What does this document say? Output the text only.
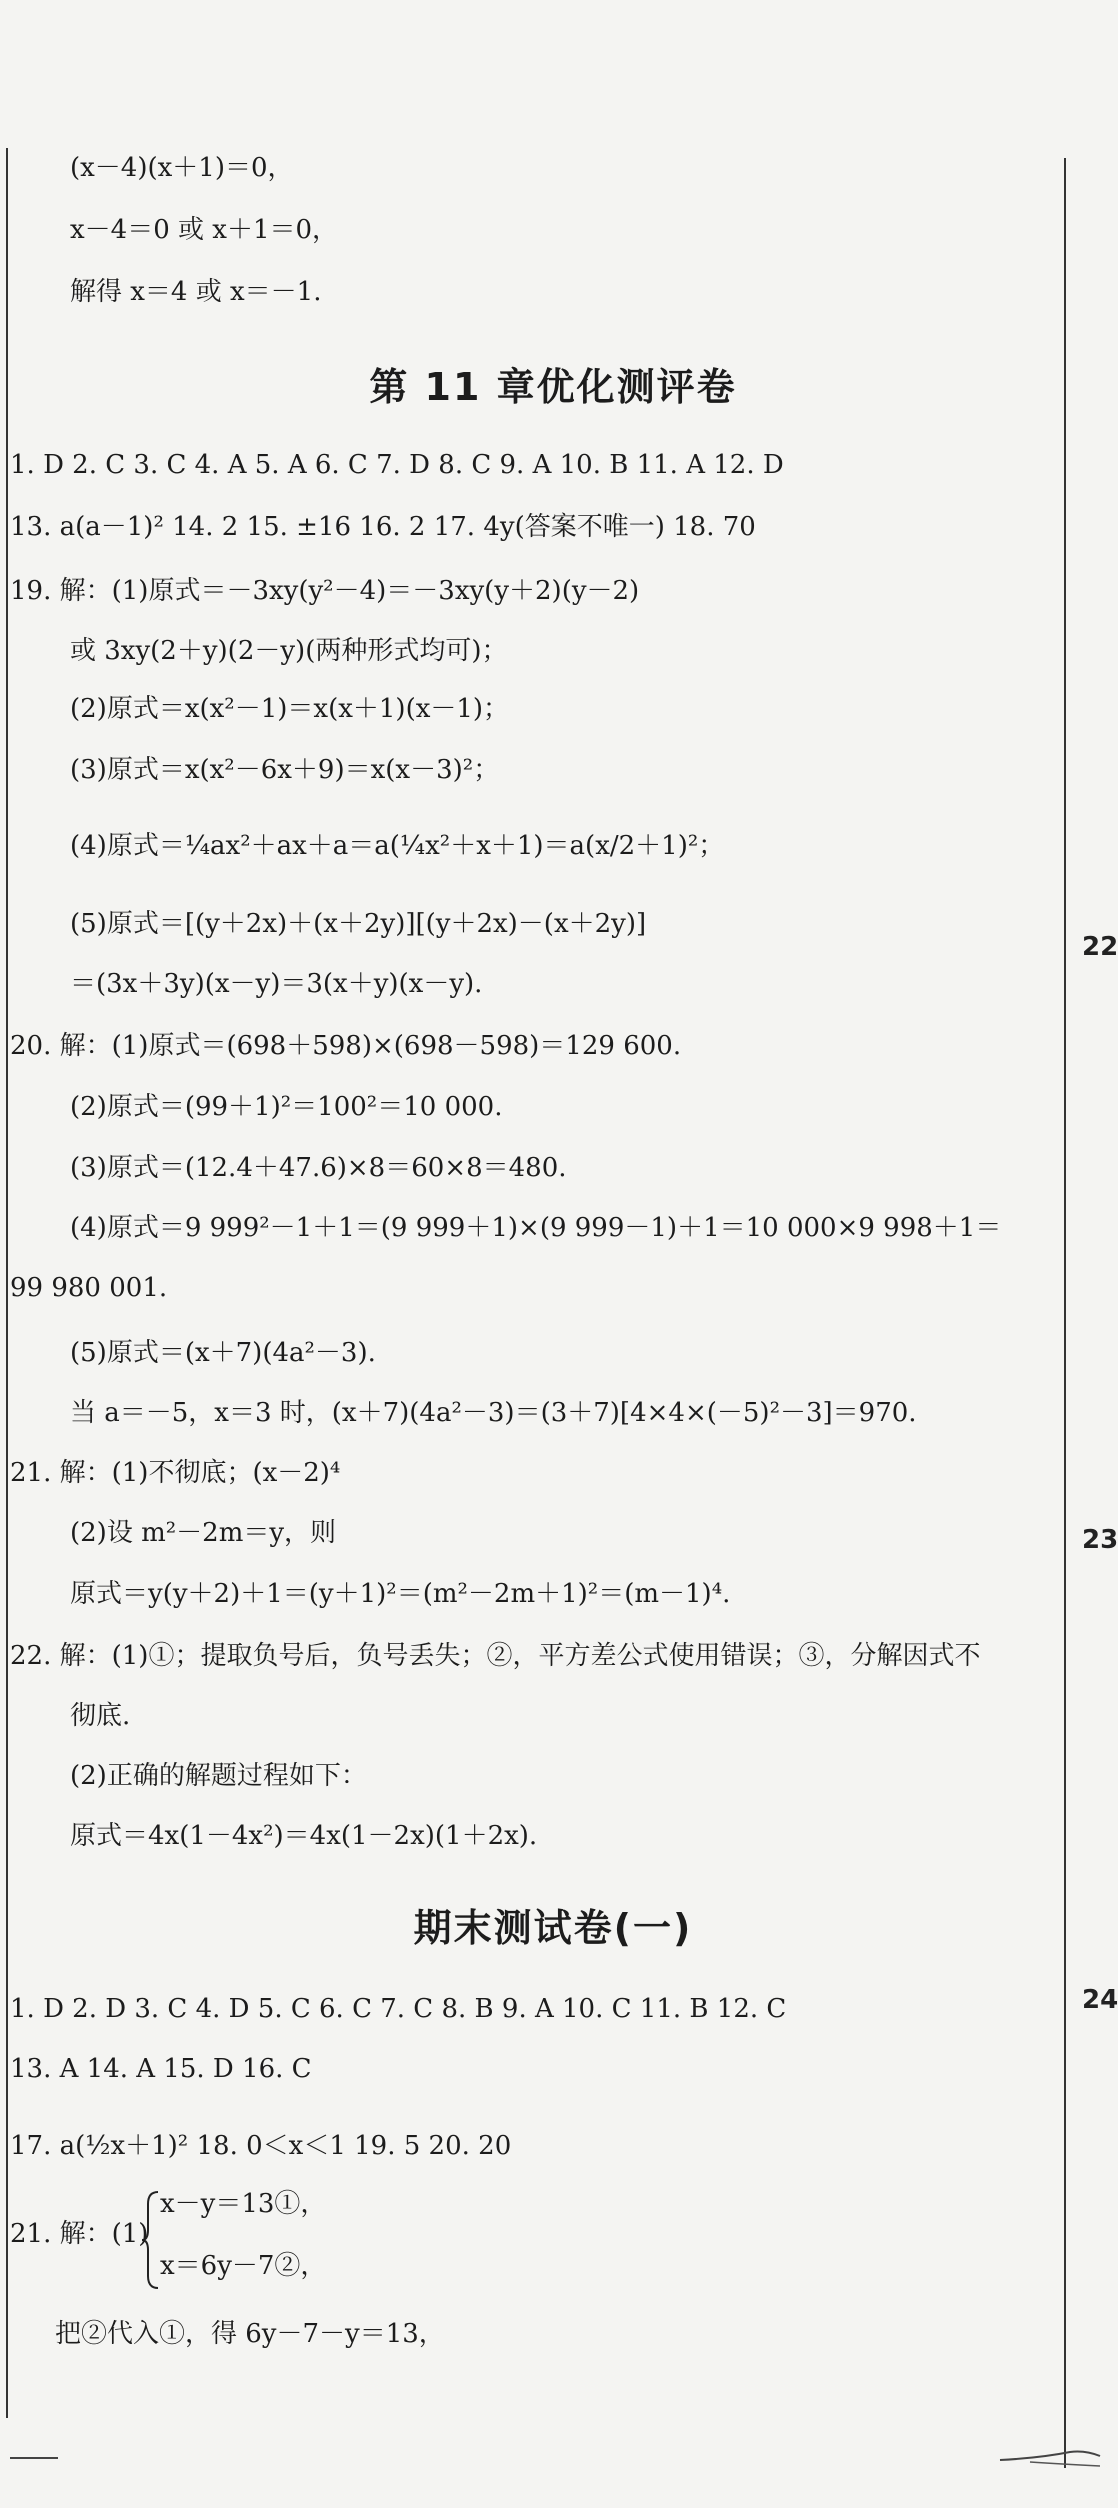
22
23
24
第 11 章优化测评卷
期末测试卷(一)
(x－4)(x＋1)＝0，
x－4＝0 或 x＋1＝0，
解得 x＝4 或 x＝－1.
1. D 2. C 3. C 4. A 5. A 6. C 7. D 8. C 9. A 10. B 11. A 12. D
13. a(a－1)² 14. 2 15. ±16 16. 2 17. 4y(答案不唯一) 18. 70
19. 解：(1)原式＝－3xy(y²－4)＝－3xy(y＋2)(y－2)
或 3xy(2＋y)(2－y)(两种形式均可)；
(2)原式＝x(x²－1)＝x(x＋1)(x－1)；
(3)原式＝x(x²－6x＋9)＝x(x－3)²；
(4)原式＝¼ax²＋ax＋a＝a(¼x²＋x＋1)＝a(x/2＋1)²；
(5)原式＝[(y＋2x)＋(x＋2y)][(y＋2x)－(x＋2y)]
＝(3x＋3y)(x－y)＝3(x＋y)(x－y).
20. 解：(1)原式＝(698＋598)×(698－598)＝129 600.
(2)原式＝(99＋1)²＝100²＝10 000.
(3)原式＝(12.4＋47.6)×8＝60×8＝480.
(4)原式＝9 999²－1＋1＝(9 999＋1)×(9 999－1)＋1＝10 000×9 998＋1＝
99 980 001.
(5)原式＝(x＋7)(4a²－3).
当 a＝－5，x＝3 时，(x＋7)(4a²－3)＝(3＋7)[4×4×(－5)²－3]＝970.
21. 解：(1)不彻底；(x－2)⁴
(2)设 m²－2m＝y，则
原式＝y(y＋2)＋1＝(y＋1)²＝(m²－2m＋1)²＝(m－1)⁴.
22. 解：(1)①；提取负号后，负号丢失；②，平方差公式使用错误；③，分解因式不
彻底.
(2)正确的解题过程如下：
原式＝4x(1－4x²)＝4x(1－2x)(1＋2x).
1. D 2. D 3. C 4. D 5. C 6. C 7. C 8. B 9. A 10. C 11. B 12. C
13. A 14. A 15. D 16. C
17. a(½x＋1)² 18. 0＜x＜1 19. 5 20. 20
21. 解：(1)
x－y＝13①，
x＝6y－7②，
把②代入①，得 6y－7－y＝13，
